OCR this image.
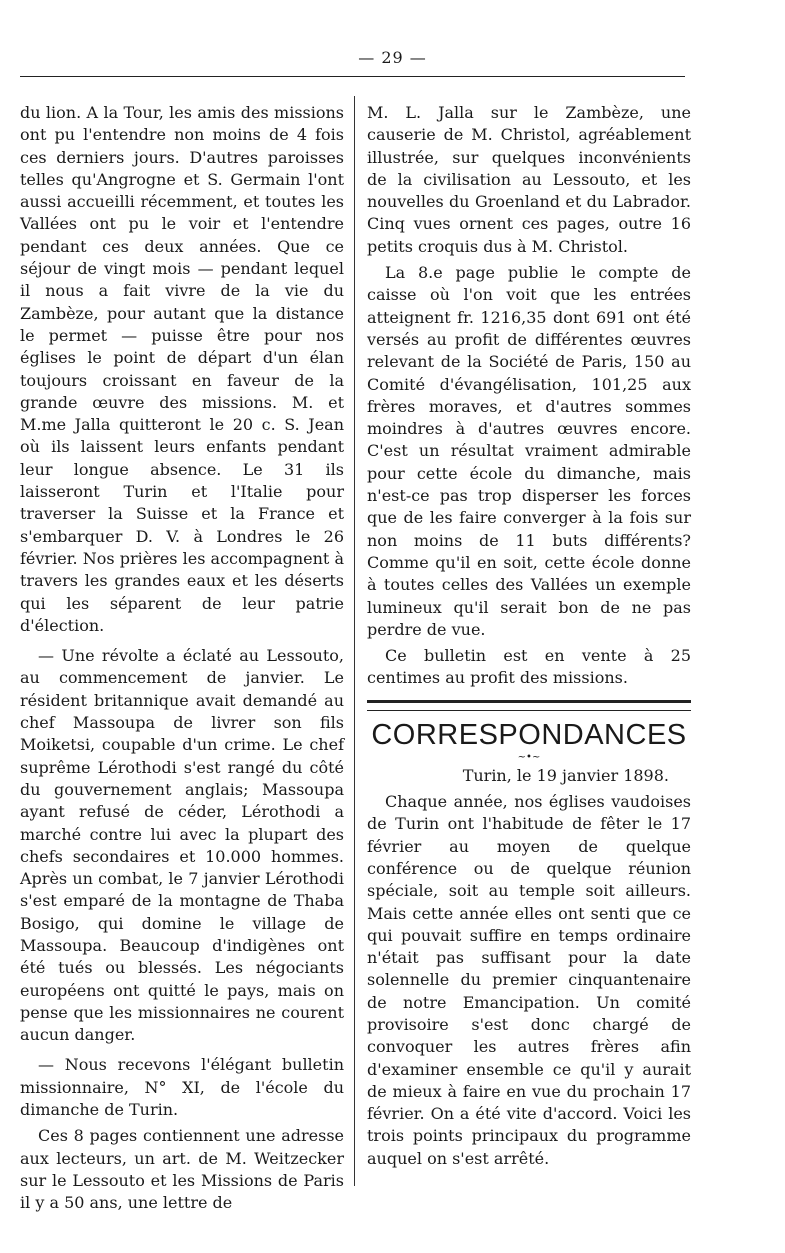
— 29 —

du lion. A la Tour, les amis des missions ont pu l'entendre non moins de 4 fois ces derniers jours. D'autres paroisses telles qu'Angrogne et S. Germain l'ont aussi accueilli récemment, et toutes les Vallées ont pu le voir et l'entendre pendant ces deux années. Que ce séjour de vingt mois — pendant lequel il nous a fait vivre de la vie du Zambèze, pour autant que la distance le permet — puisse être pour nos églises le point de départ d'un élan toujours croissant en faveur de la grande œuvre des missions. M. et M.me Jalla quitteront le 20 c. S. Jean où ils laissent leurs enfants pendant leur longue absence. Le 31 ils laisseront Turin et l'Italie pour traverser la Suisse et la France et s'embarquer D. V. à Londres le 26 février. Nos prières les accompagnent à travers les grandes eaux et les déserts qui les séparent de leur patrie d'élection.

— Une révolte a éclaté au Lessouto, au commencement de janvier. Le résident britannique avait demandé au chef Massoupa de livrer son fils Moiketsi, coupable d'un crime. Le chef suprême Lérothodi s'est rangé du côté du gouvernement anglais; Massoupa ayant refusé de céder, Lérothodi a marché contre lui avec la plupart des chefs secondaires et 10.000 hommes. Après un combat, le 7 janvier Lérothodi s'est emparé de la montagne de Thaba Bosigo, qui domine le village de Massoupa. Beaucoup d'indigènes ont été tués ou blessés. Les négociants européens ont quitté le pays, mais on pense que les missionnaires ne courent aucun danger.

— Nous recevons l'élégant bulletin missionnaire, N° XI, de l'école du dimanche de Turin.

Ces 8 pages contiennent une adresse aux lecteurs, un art. de M. Weitzecker sur le Lessouto et les Missions de Paris il y a 50 ans, une lettre de

M. L. Jalla sur le Zambèze, une causerie de M. Christol, agréablement illustrée, sur quelques inconvénients de la civilisation au Lessouto, et les nouvelles du Groenland et du Labrador. Cinq vues ornent ces pages, outre 16 petits croquis dus à M. Christol.

La 8.e page publie le compte de caisse où l'on voit que les entrées atteignent fr. 1216,35 dont 691 ont été versés au profit de différentes œuvres relevant de la Société de Paris, 150 au Comité d'évangélisation, 101,25 aux frères moraves, et d'autres sommes moindres à d'autres œuvres encore. C'est un résultat vraiment admirable pour cette école du dimanche, mais n'est-ce pas trop disperser les forces que de les faire converger à la fois sur non moins de 11 buts différents? Comme qu'il en soit, cette école donne à toutes celles des Vallées un exemple lumineux qu'il serait bon de ne pas perdre de vue.

Ce bulletin est en vente à 25 centimes au profit des missions.

CORRESPONDANCES
~•~
Turin, le 19 janvier 1898.

Chaque année, nos églises vaudoises de Turin ont l'habitude de fêter le 17 février au moyen de quelque conférence ou de quelque réunion spéciale, soit au temple soit ailleurs. Mais cette année elles ont senti que ce qui pouvait suffire en temps ordinaire n'était pas suffisant pour la date solennelle du premier cinquantenaire de notre Emancipation. Un comité provisoire s'est donc chargé de convoquer les autres frères afin d'examiner ensemble ce qu'il y aurait de mieux à faire en vue du prochain 17 février. On a été vite d'accord. Voici les trois points principaux du programme auquel on s'est arrêté.
